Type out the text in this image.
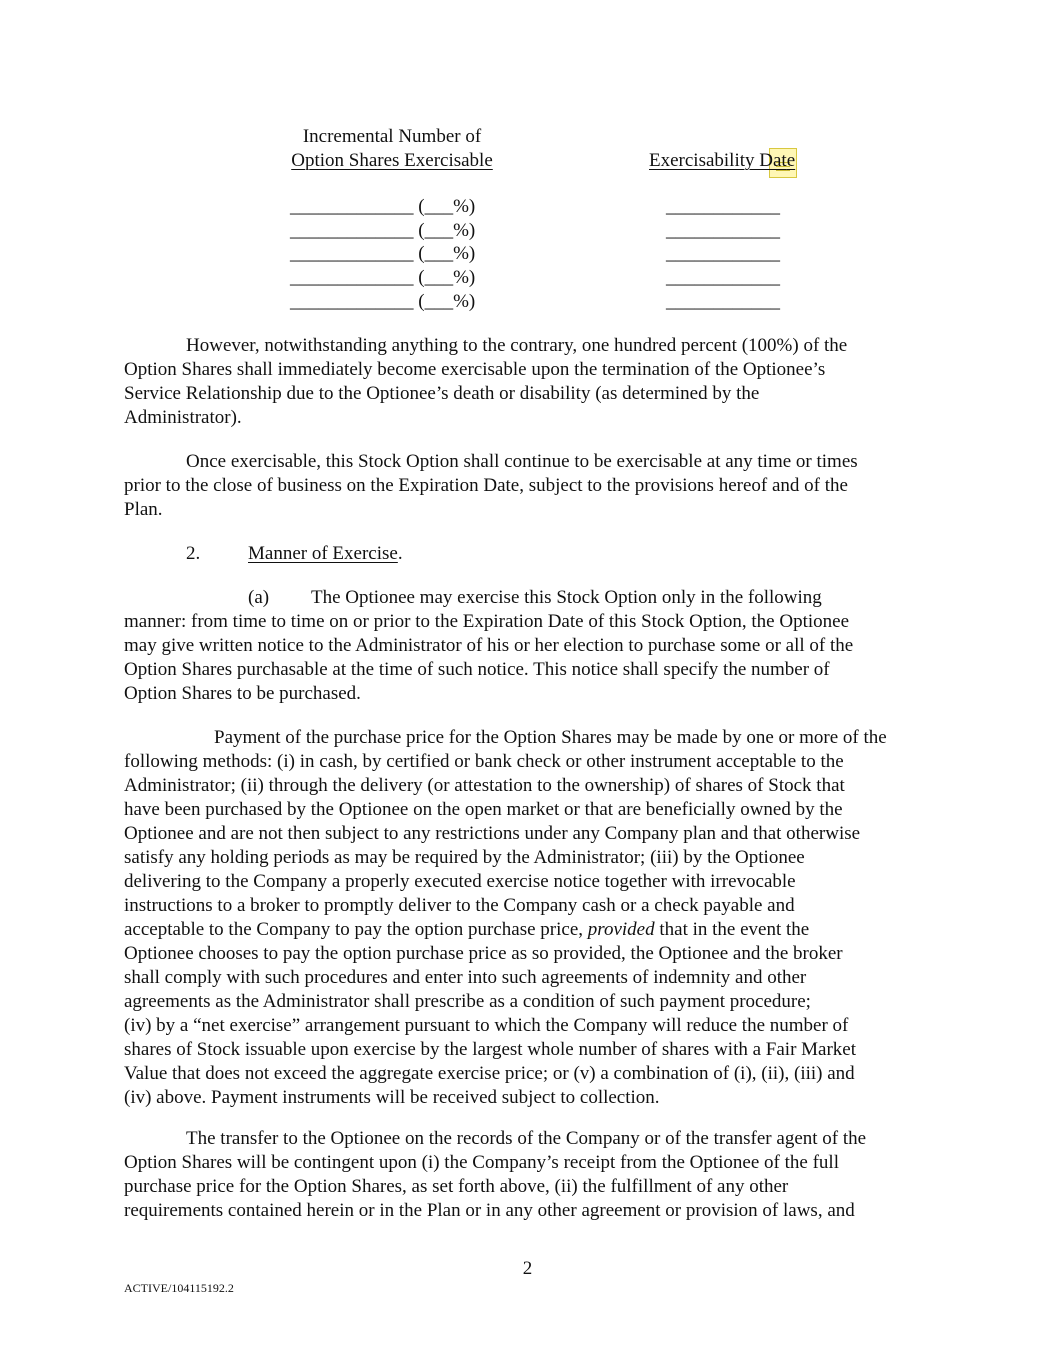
Incremental Number of
Option Shares Exercisable	Exercisability Date
_____________ (___%)	____________
_____________ (___%)	____________
_____________ (___%)	____________
_____________ (___%)	____________
_____________ (___%)	____________
However, notwithstanding anything to the contrary, one hundred percent (100%) of the
Option Shares shall immediately become exercisable upon the termination of the Optionee’s
Service Relationship due to the Optionee’s death or disability (as determined by the
Administrator).
Once exercisable, this Stock Option shall continue to be exercisable at any time or times
prior to the close of business on the Expiration Date, subject to the provisions hereof and of the
Plan.
2.	Manner of Exercise.
(a)	The Optionee may exercise this Stock Option only in the following
manner: from time to time on or prior to the Expiration Date of this Stock Option, the Optionee
may give written notice to the Administrator of his or her election to purchase some or all of the
Option Shares purchasable at the time of such notice. This notice shall specify the number of
Option Shares to be purchased.
Payment of the purchase price for the Option Shares may be made by one or more of the
following methods: (i) in cash, by certified or bank check or other instrument acceptable to the
Administrator; (ii) through the delivery (or attestation to the ownership) of shares of Stock that
have been purchased by the Optionee on the open market or that are beneficially owned by the
Optionee and are not then subject to any restrictions under any Company plan and that otherwise
satisfy any holding periods as may be required by the Administrator; (iii) by the Optionee
delivering to the Company a properly executed exercise notice together with irrevocable
instructions to a broker to promptly deliver to the Company cash or a check payable and
acceptable to the Company to pay the option purchase price, provided that in the event the
Optionee chooses to pay the option purchase price as so provided, the Optionee and the broker
shall comply with such procedures and enter into such agreements of indemnity and other
agreements as the Administrator shall prescribe as a condition of such payment procedure;
(iv) by a “net exercise” arrangement pursuant to which the Company will reduce the number of
shares of Stock issuable upon exercise by the largest whole number of shares with a Fair Market
Value that does not exceed the aggregate exercise price; or (v) a combination of (i), (ii), (iii) and
(iv) above. Payment instruments will be received subject to collection.
The transfer to the Optionee on the records of the Company or of the transfer agent of the
Option Shares will be contingent upon (i) the Company’s receipt from the Optionee of the full
purchase price for the Option Shares, as set forth above, (ii) the fulfillment of any other
requirements contained herein or in the Plan or in any other agreement or provision of laws, and
2
ACTIVE/104115192.2
